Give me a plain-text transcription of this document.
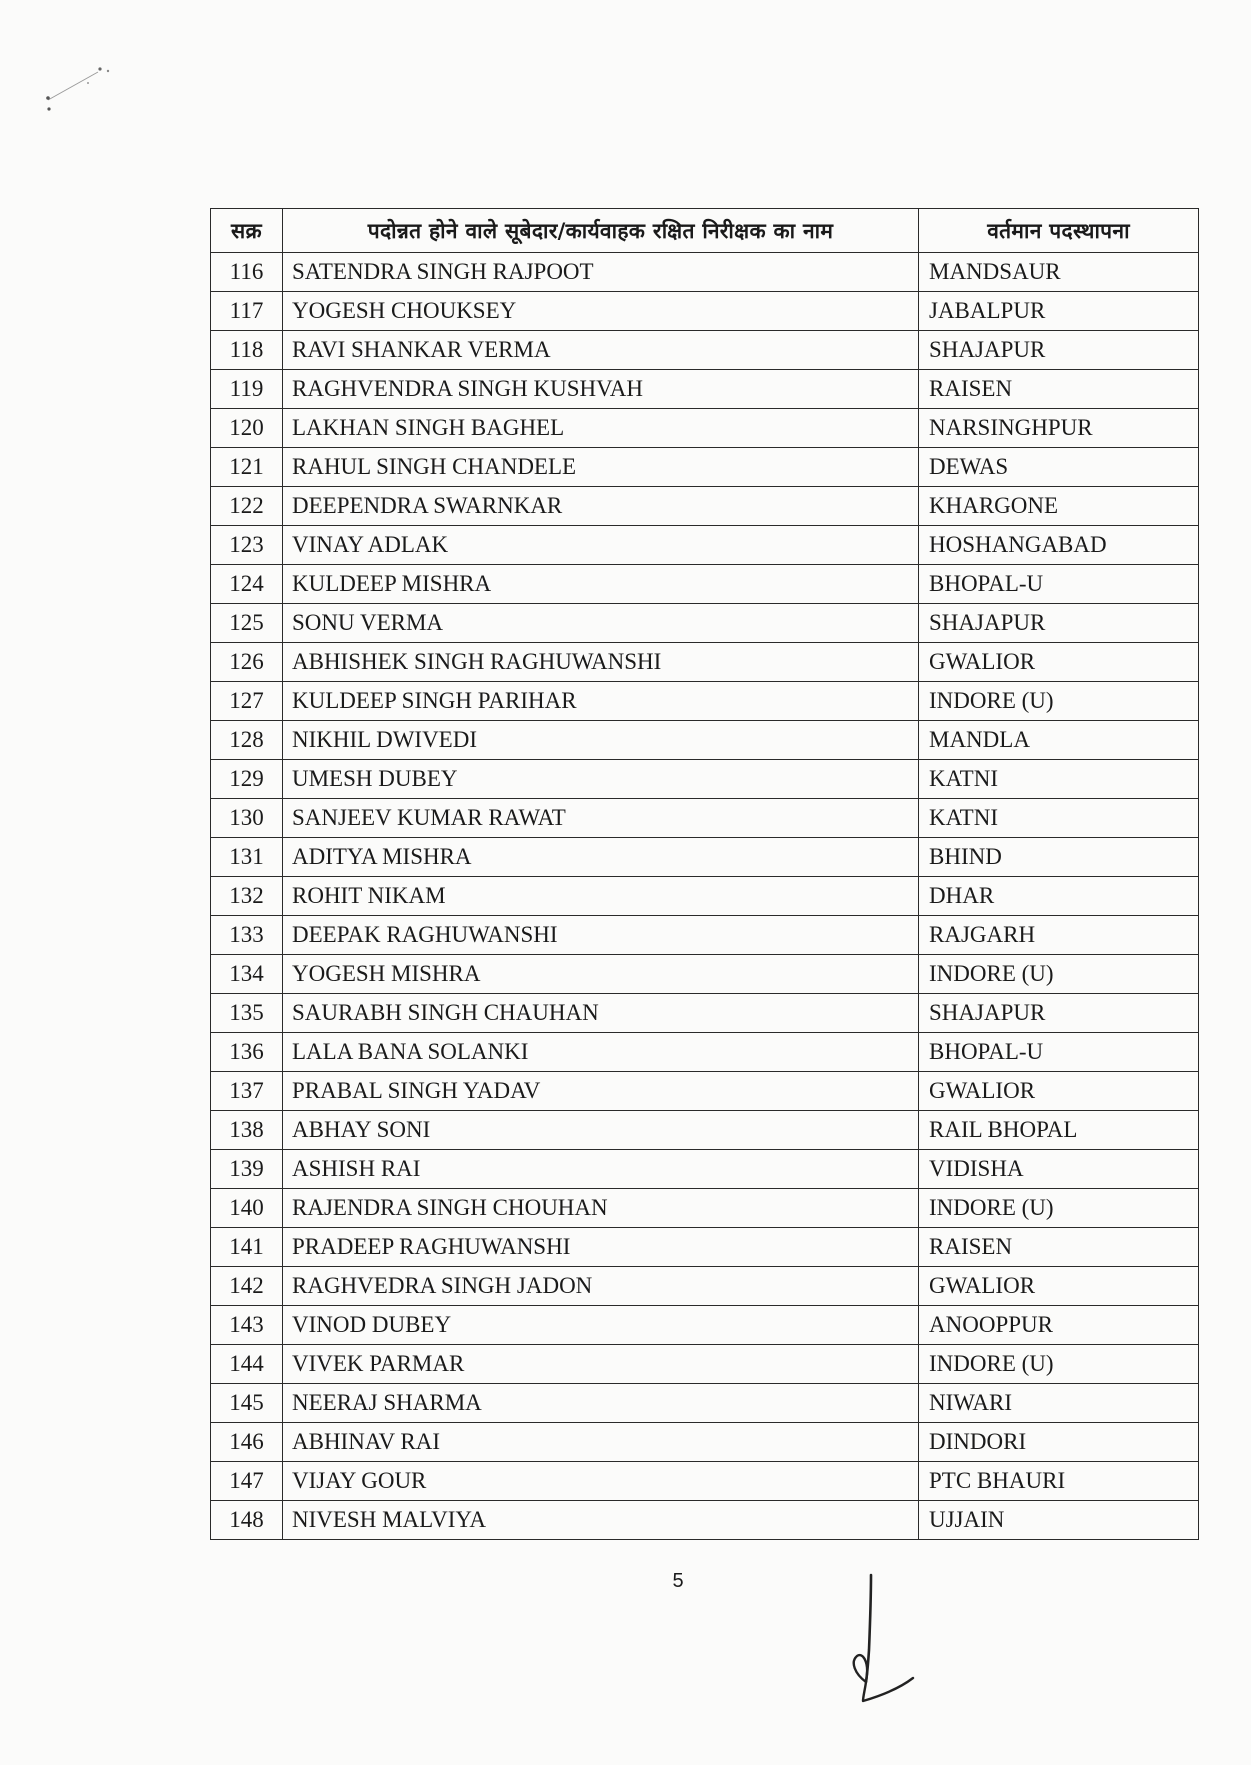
सक्र	पदोन्नत होने वाले सूबेदार/कार्यवाहक रक्षित निरीक्षक का नाम	वर्तमान पदस्थापना
116	SATENDRA SINGH RAJPOOT	MANDSAUR
117	YOGESH CHOUKSEY	JABALPUR
118	RAVI SHANKAR VERMA	SHAJAPUR
119	RAGHVENDRA SINGH KUSHVAH	RAISEN
120	LAKHAN SINGH BAGHEL	NARSINGHPUR
121	RAHUL SINGH CHANDELE	DEWAS
122	DEEPENDRA SWARNKAR	KHARGONE
123	VINAY ADLAK	HOSHANGABAD
124	KULDEEP MISHRA	BHOPAL-U
125	SONU VERMA	SHAJAPUR
126	ABHISHEK SINGH RAGHUWANSHI	GWALIOR
127	KULDEEP SINGH PARIHAR	INDORE (U)
128	NIKHIL DWIVEDI	MANDLA
129	UMESH DUBEY	KATNI
130	SANJEEV KUMAR RAWAT	KATNI
131	ADITYA MISHRA	BHIND
132	ROHIT NIKAM	DHAR
133	DEEPAK RAGHUWANSHI	RAJGARH
134	YOGESH MISHRA	INDORE (U)
135	SAURABH SINGH CHAUHAN	SHAJAPUR
136	LALA BANA SOLANKI	BHOPAL-U
137	PRABAL SINGH YADAV	GWALIOR
138	ABHAY SONI	RAIL BHOPAL
139	ASHISH RAI	VIDISHA
140	RAJENDRA SINGH CHOUHAN	INDORE (U)
141	PRADEEP RAGHUWANSHI	RAISEN
142	RAGHVEDRA SINGH JADON	GWALIOR
143	VINOD DUBEY	ANOOPPUR
144	VIVEK PARMAR	INDORE (U)
145	NEERAJ SHARMA	NIWARI
146	ABHINAV RAI	DINDORI
147	VIJAY GOUR	PTC BHAURI
148	NIVESH MALVIYA	UJJAIN
5
